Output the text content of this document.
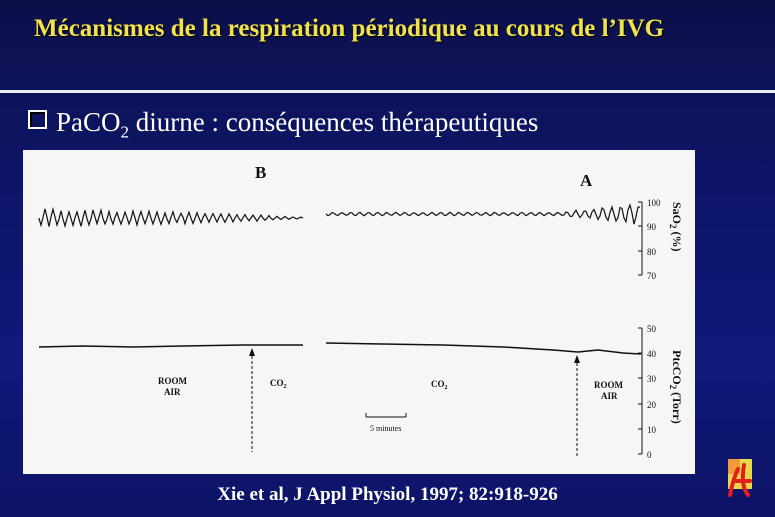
Mécanismes de la respiration périodique au cours de l’IVG
PaCO$_2$ diurne : conséquences thérapeutiques
B	A
100
90
80
70
SaO$_2$ (%)
50
40
30
20
10
0
PtcCO$_2$ (Torr)
ROOM
AIR
$CO_2$	$CO_2$	ROOM
AIR
5 minutes
Xie et al, J Appl Physiol, 1997; 82:918-926
